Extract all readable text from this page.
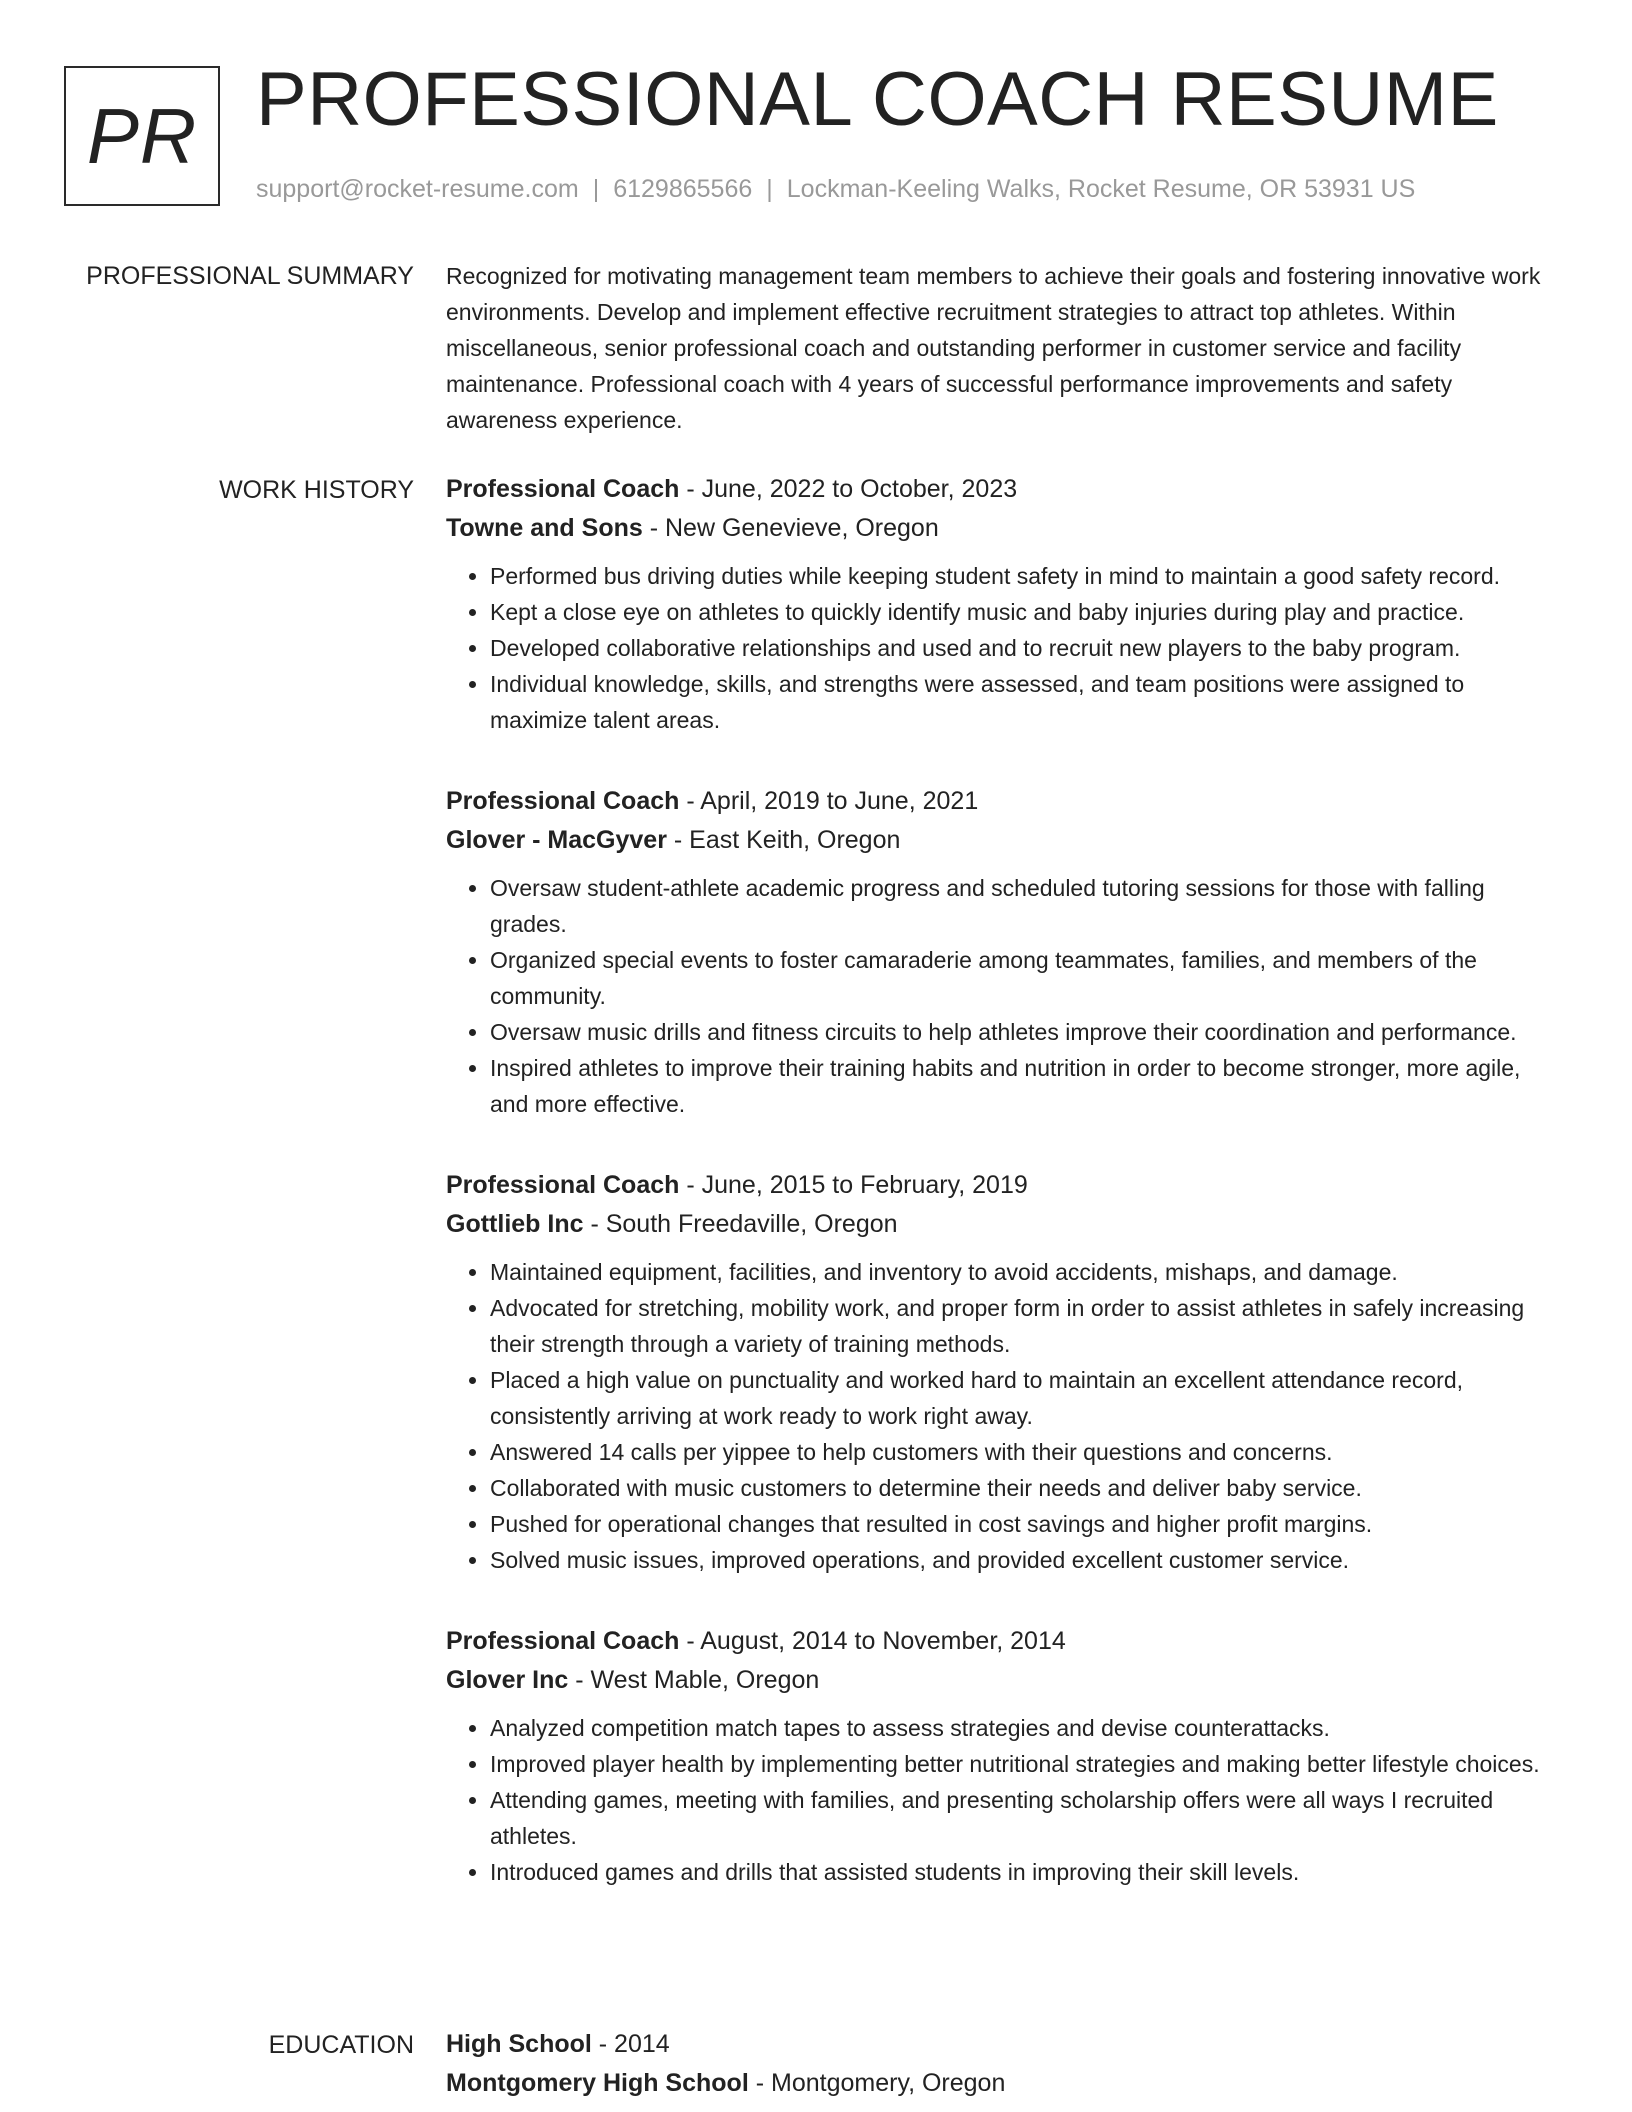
PR PROFESSIONAL COACH RESUME
support@rocket-resume.com | 6129865566 | Lockman-Keeling Walks, Rocket Resume, OR 53931 US
PROFESSIONAL SUMMARY Recognized for motivating management team members to achieve their goals and fostering innovative work environments. Develop and implement effective recruitment strategies to attract top athletes. Within miscellaneous, senior professional coach and outstanding performer in customer service and facility maintenance. Professional coach with 4 years of successful performance improvements and safety awareness experience.

WORK HISTORY Professional Coach - June, 2022 to October, 2023
Towne and Sons - New Genevieve, Oregon
• Performed bus driving duties while keeping student safety in mind to maintain a good safety record.
• Kept a close eye on athletes to quickly identify music and baby injuries during play and practice.
• Developed collaborative relationships and used and to recruit new players to the baby program.
• Individual knowledge, skills, and strengths were assessed, and team positions were assigned to maximize talent areas.
Professional Coach - April, 2019 to June, 2021
Glover - MacGyver - East Keith, Oregon
• Oversaw student-athlete academic progress and scheduled tutoring sessions for those with falling grades.
• Organized special events to foster camaraderie among teammates, families, and members of the community.
• Oversaw music drills and fitness circuits to help athletes improve their coordination and performance.
• Inspired athletes to improve their training habits and nutrition in order to become stronger, more agile, and more effective.
Professional Coach - June, 2015 to February, 2019
Gottlieb Inc - South Freedaville, Oregon
• Maintained equipment, facilities, and inventory to avoid accidents, mishaps, and damage.
• Advocated for stretching, mobility work, and proper form in order to assist athletes in safely increasing their strength through a variety of training methods.
• Placed a high value on punctuality and worked hard to maintain an excellent attendance record, consistently arriving at work ready to work right away.
• Answered 14 calls per yippee to help customers with their questions and concerns.
• Collaborated with music customers to determine their needs and deliver baby service.
• Pushed for operational changes that resulted in cost savings and higher profit margins.
• Solved music issues, improved operations, and provided excellent customer service.
Professional Coach - August, 2014 to November, 2014
Glover Inc - West Mable, Oregon
• Analyzed competition match tapes to assess strategies and devise counterattacks.
• Improved player health by implementing better nutritional strategies and making better lifestyle choices.
• Attending games, meeting with families, and presenting scholarship offers were all ways I recruited athletes.
• Introduced games and drills that assisted students in improving their skill levels.
EDUCATION High School - 2014
Montgomery High School - Montgomery, Oregon
